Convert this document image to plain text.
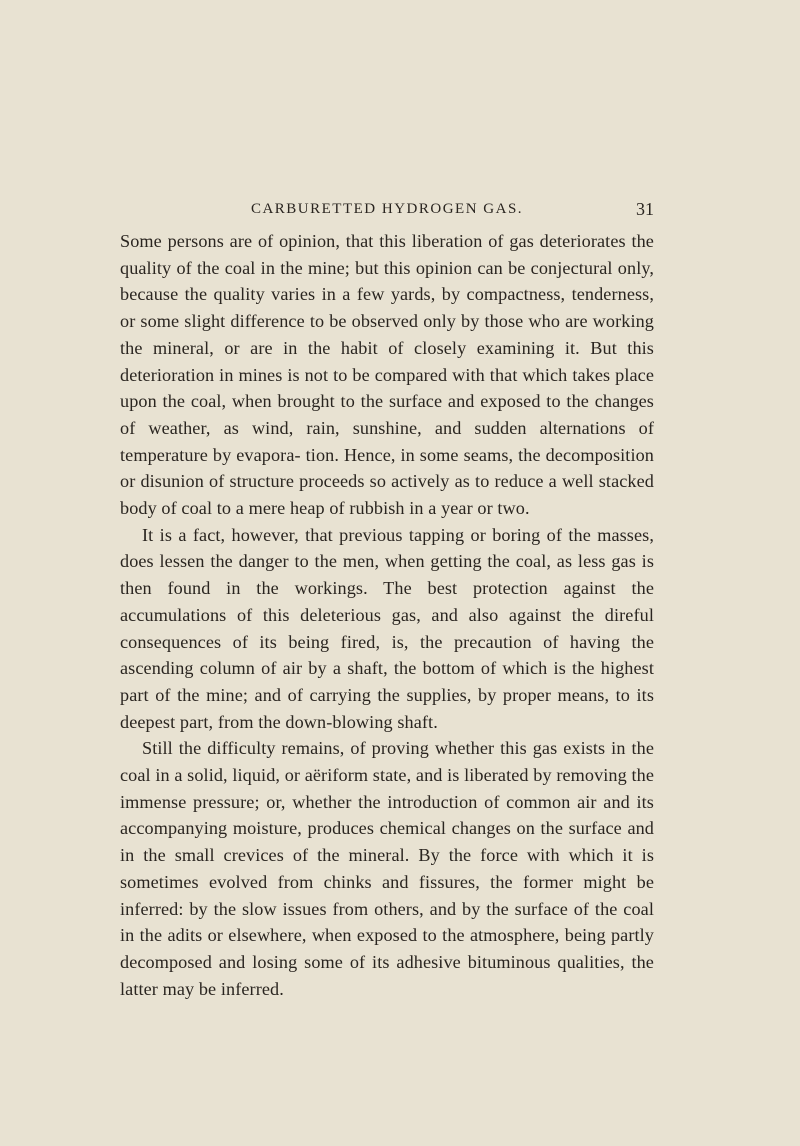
CARBURETTED HYDROGEN GAS.	31

Some persons are of opinion, that this liberation of gas deteriorates the quality of the coal in the mine; but this opinion can be conjectural only, because the quality varies in a few yards, by compactness, tenderness, or some slight difference to be observed only by those who are working the mineral, or are in the habit of closely examining it. But this deterioration in mines is not to be compared with that which takes place upon the coal, when brought to the surface and exposed to the changes of weather, as wind, rain, sunshine, and sudden alternations of temperature by evapora- tion. Hence, in some seams, the decomposition or disunion of structure proceeds so actively as to reduce a well stacked body of coal to a mere heap of rubbish in a year or two.

It is a fact, however, that previous tapping or boring of the masses, does lessen the danger to the men, when getting the coal, as less gas is then found in the workings. The best protection against the accumulations of this deleterious gas, and also against the direful consequences of its being fired, is, the precaution of having the ascending column of air by a shaft, the bottom of which is the highest part of the mine; and of carrying the supplies, by proper means, to its deepest part, from the down-blowing shaft.

Still the difficulty remains, of proving whether this gas exists in the coal in a solid, liquid, or aëriform state, and is liberated by removing the immense pressure; or, whether the introduction of common air and its accompanying moisture, produces chemical changes on the surface and in the small crevices of the mineral. By the force with which it is sometimes evolved from chinks and fissures, the former might be inferred: by the slow issues from others, and by the surface of the coal in the adits or elsewhere, when exposed to the atmosphere, being partly decomposed and losing some of its adhesive bituminous qualities, the latter may be inferred.
